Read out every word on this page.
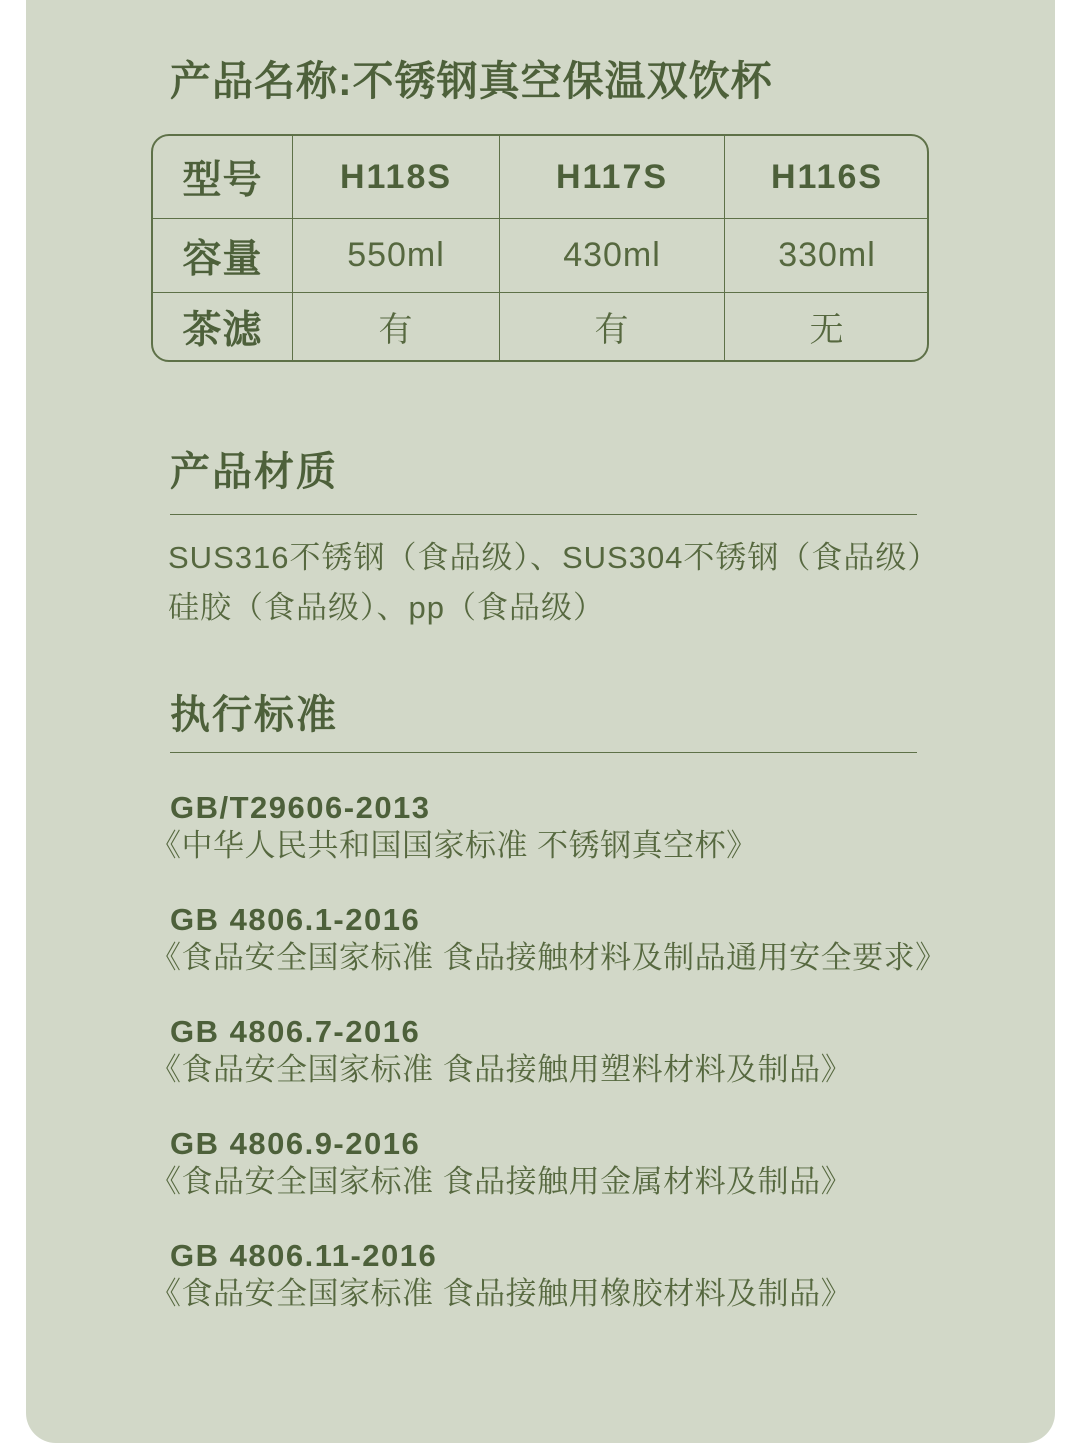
产品名称:不锈钢真空保温双饮杯
型号	H118S	H117S	H116S
容量	550ml	430ml	330ml
茶滤	有	有	无
产品材质
SUS316不锈钢（食品级）、SUS304不锈钢（食品级）
硅胶（食品级）、pp（食品级）
执行标准
GB/T29606-2013
《中华人民共和国国家标准 不锈钢真空杯》
GB 4806.1-2016
《食品安全国家标准 食品接触材料及制品通用安全要求》
GB 4806.7-2016
《食品安全国家标准 食品接触用塑料材料及制品》
GB 4806.9-2016
《食品安全国家标准 食品接触用金属材料及制品》
GB 4806.11-2016
《食品安全国家标准 食品接触用橡胶材料及制品》
